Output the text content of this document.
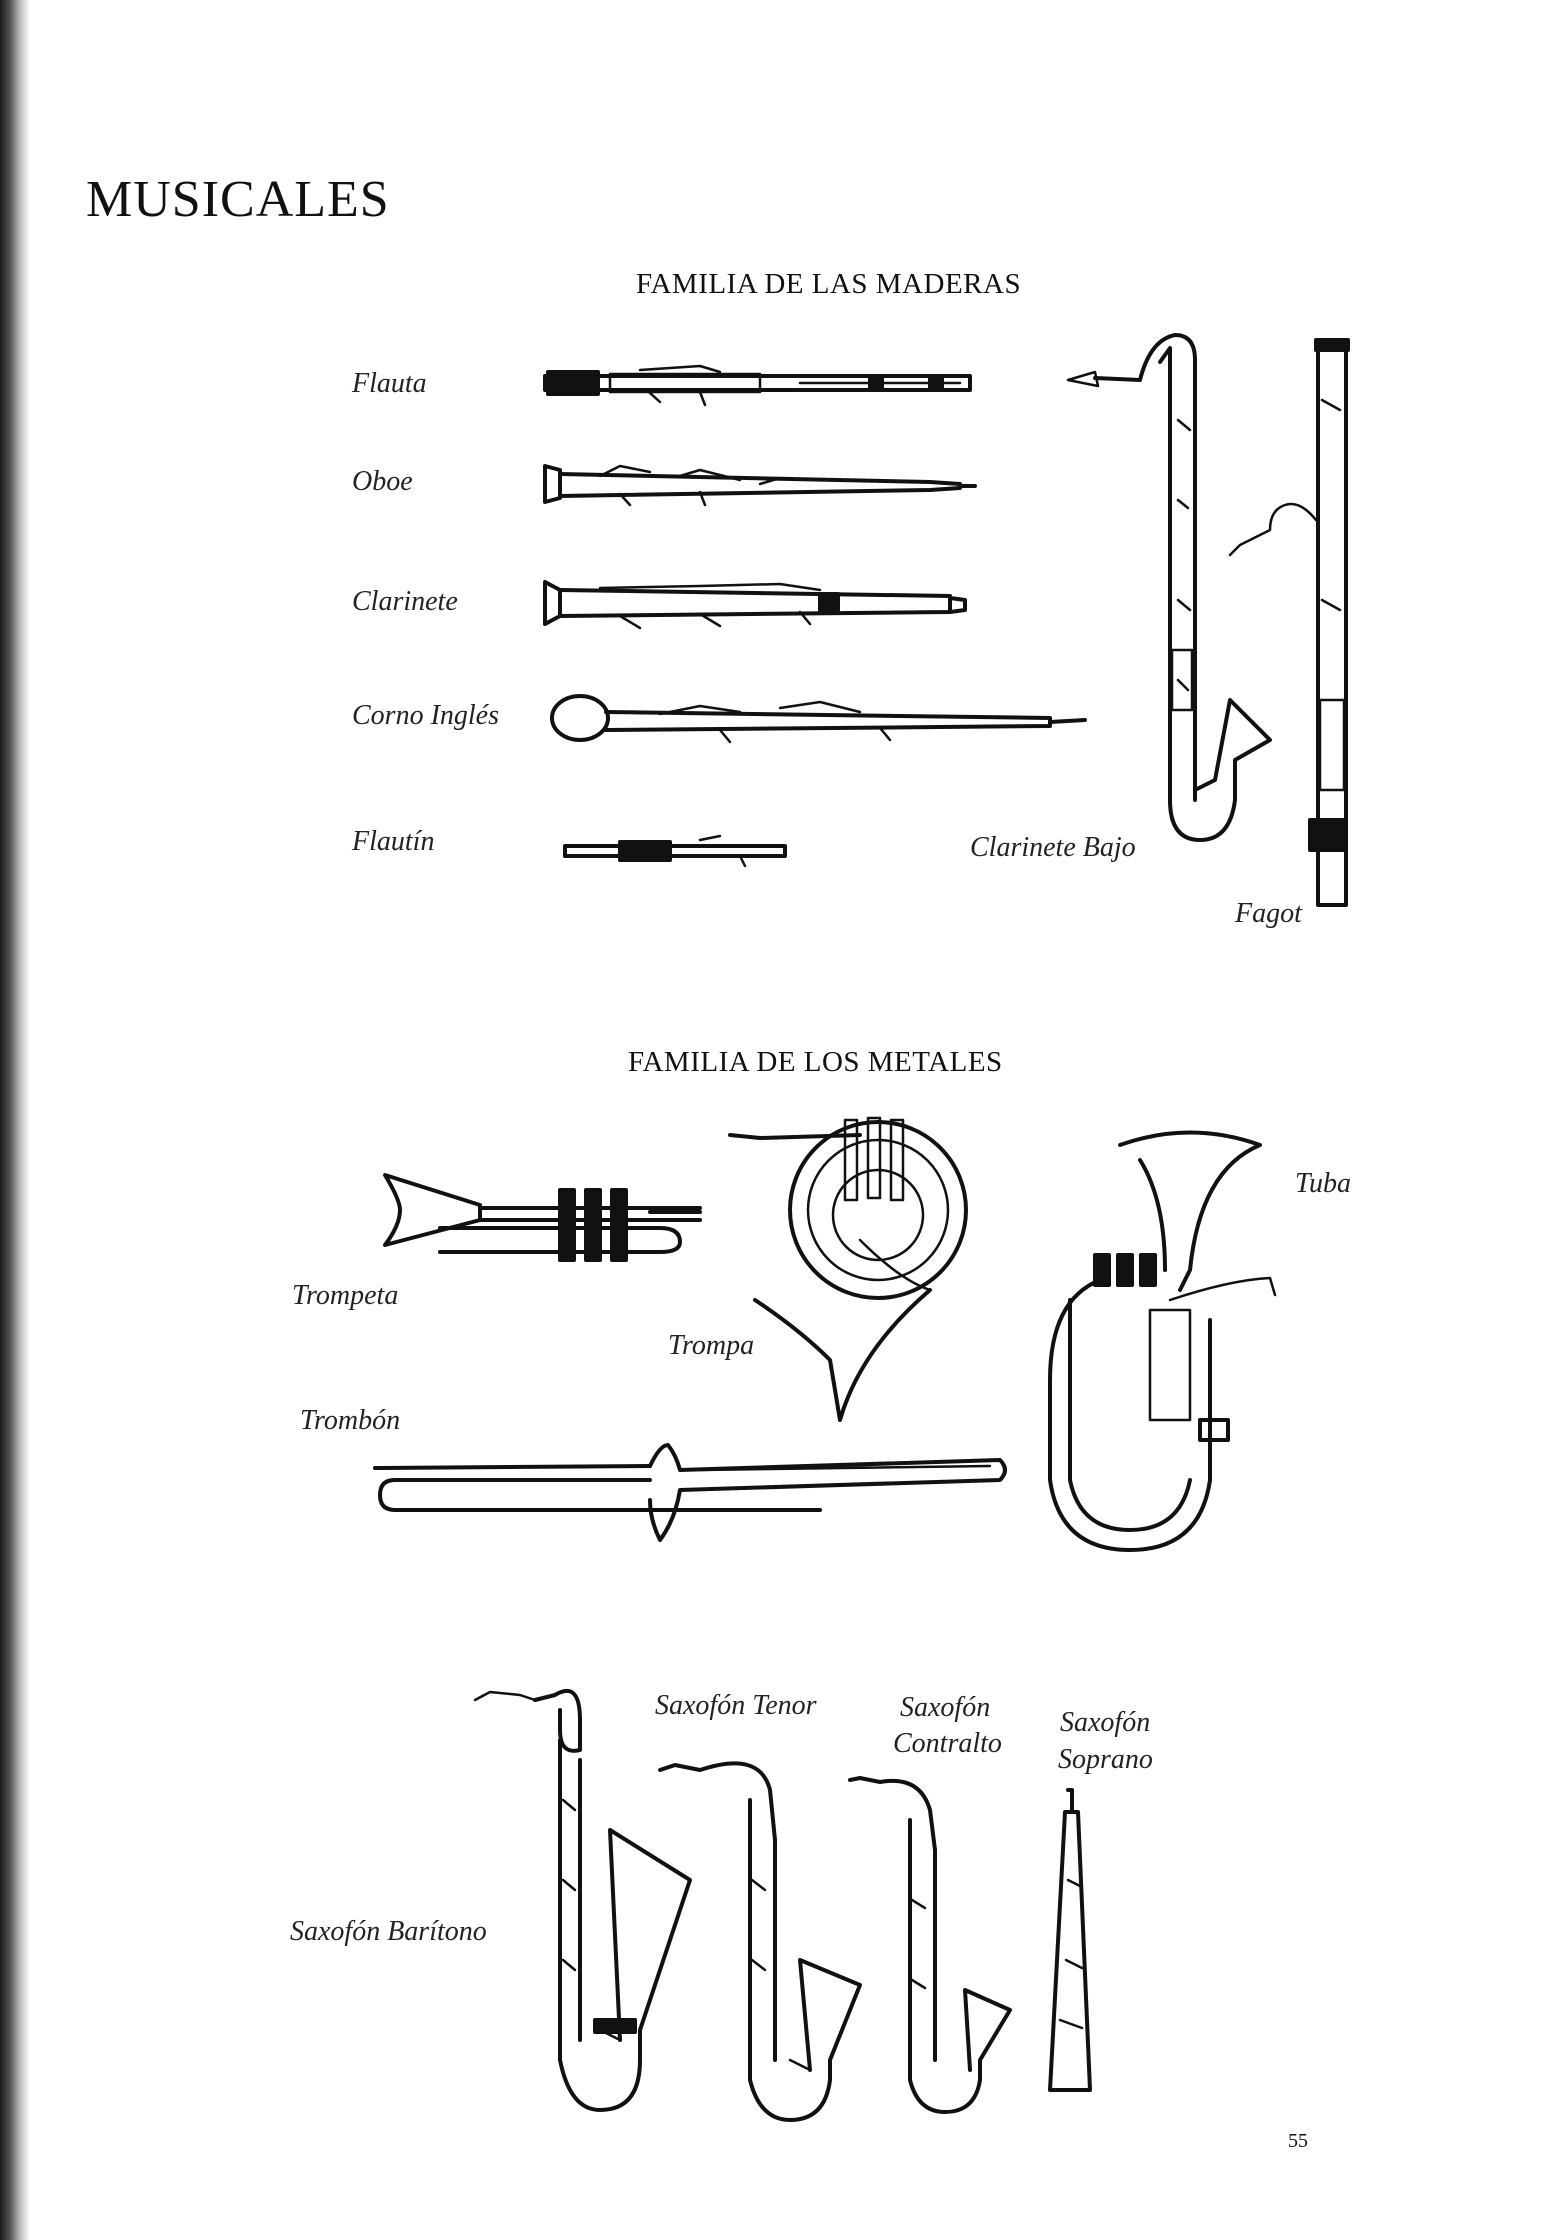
MUSICALES
FAMILIA DE LAS MADERAS
Flauta
Oboe
Clarinete
Corno Inglés
Flautín	Clarinete Bajo
Fagot
FAMILIA DE LOS METALES
Tuba
Trompeta
Trompa
Trombón
Saxofón Tenor	Saxofón
Contralto
Saxofón
Soprano
Saxofón Barítono
55
